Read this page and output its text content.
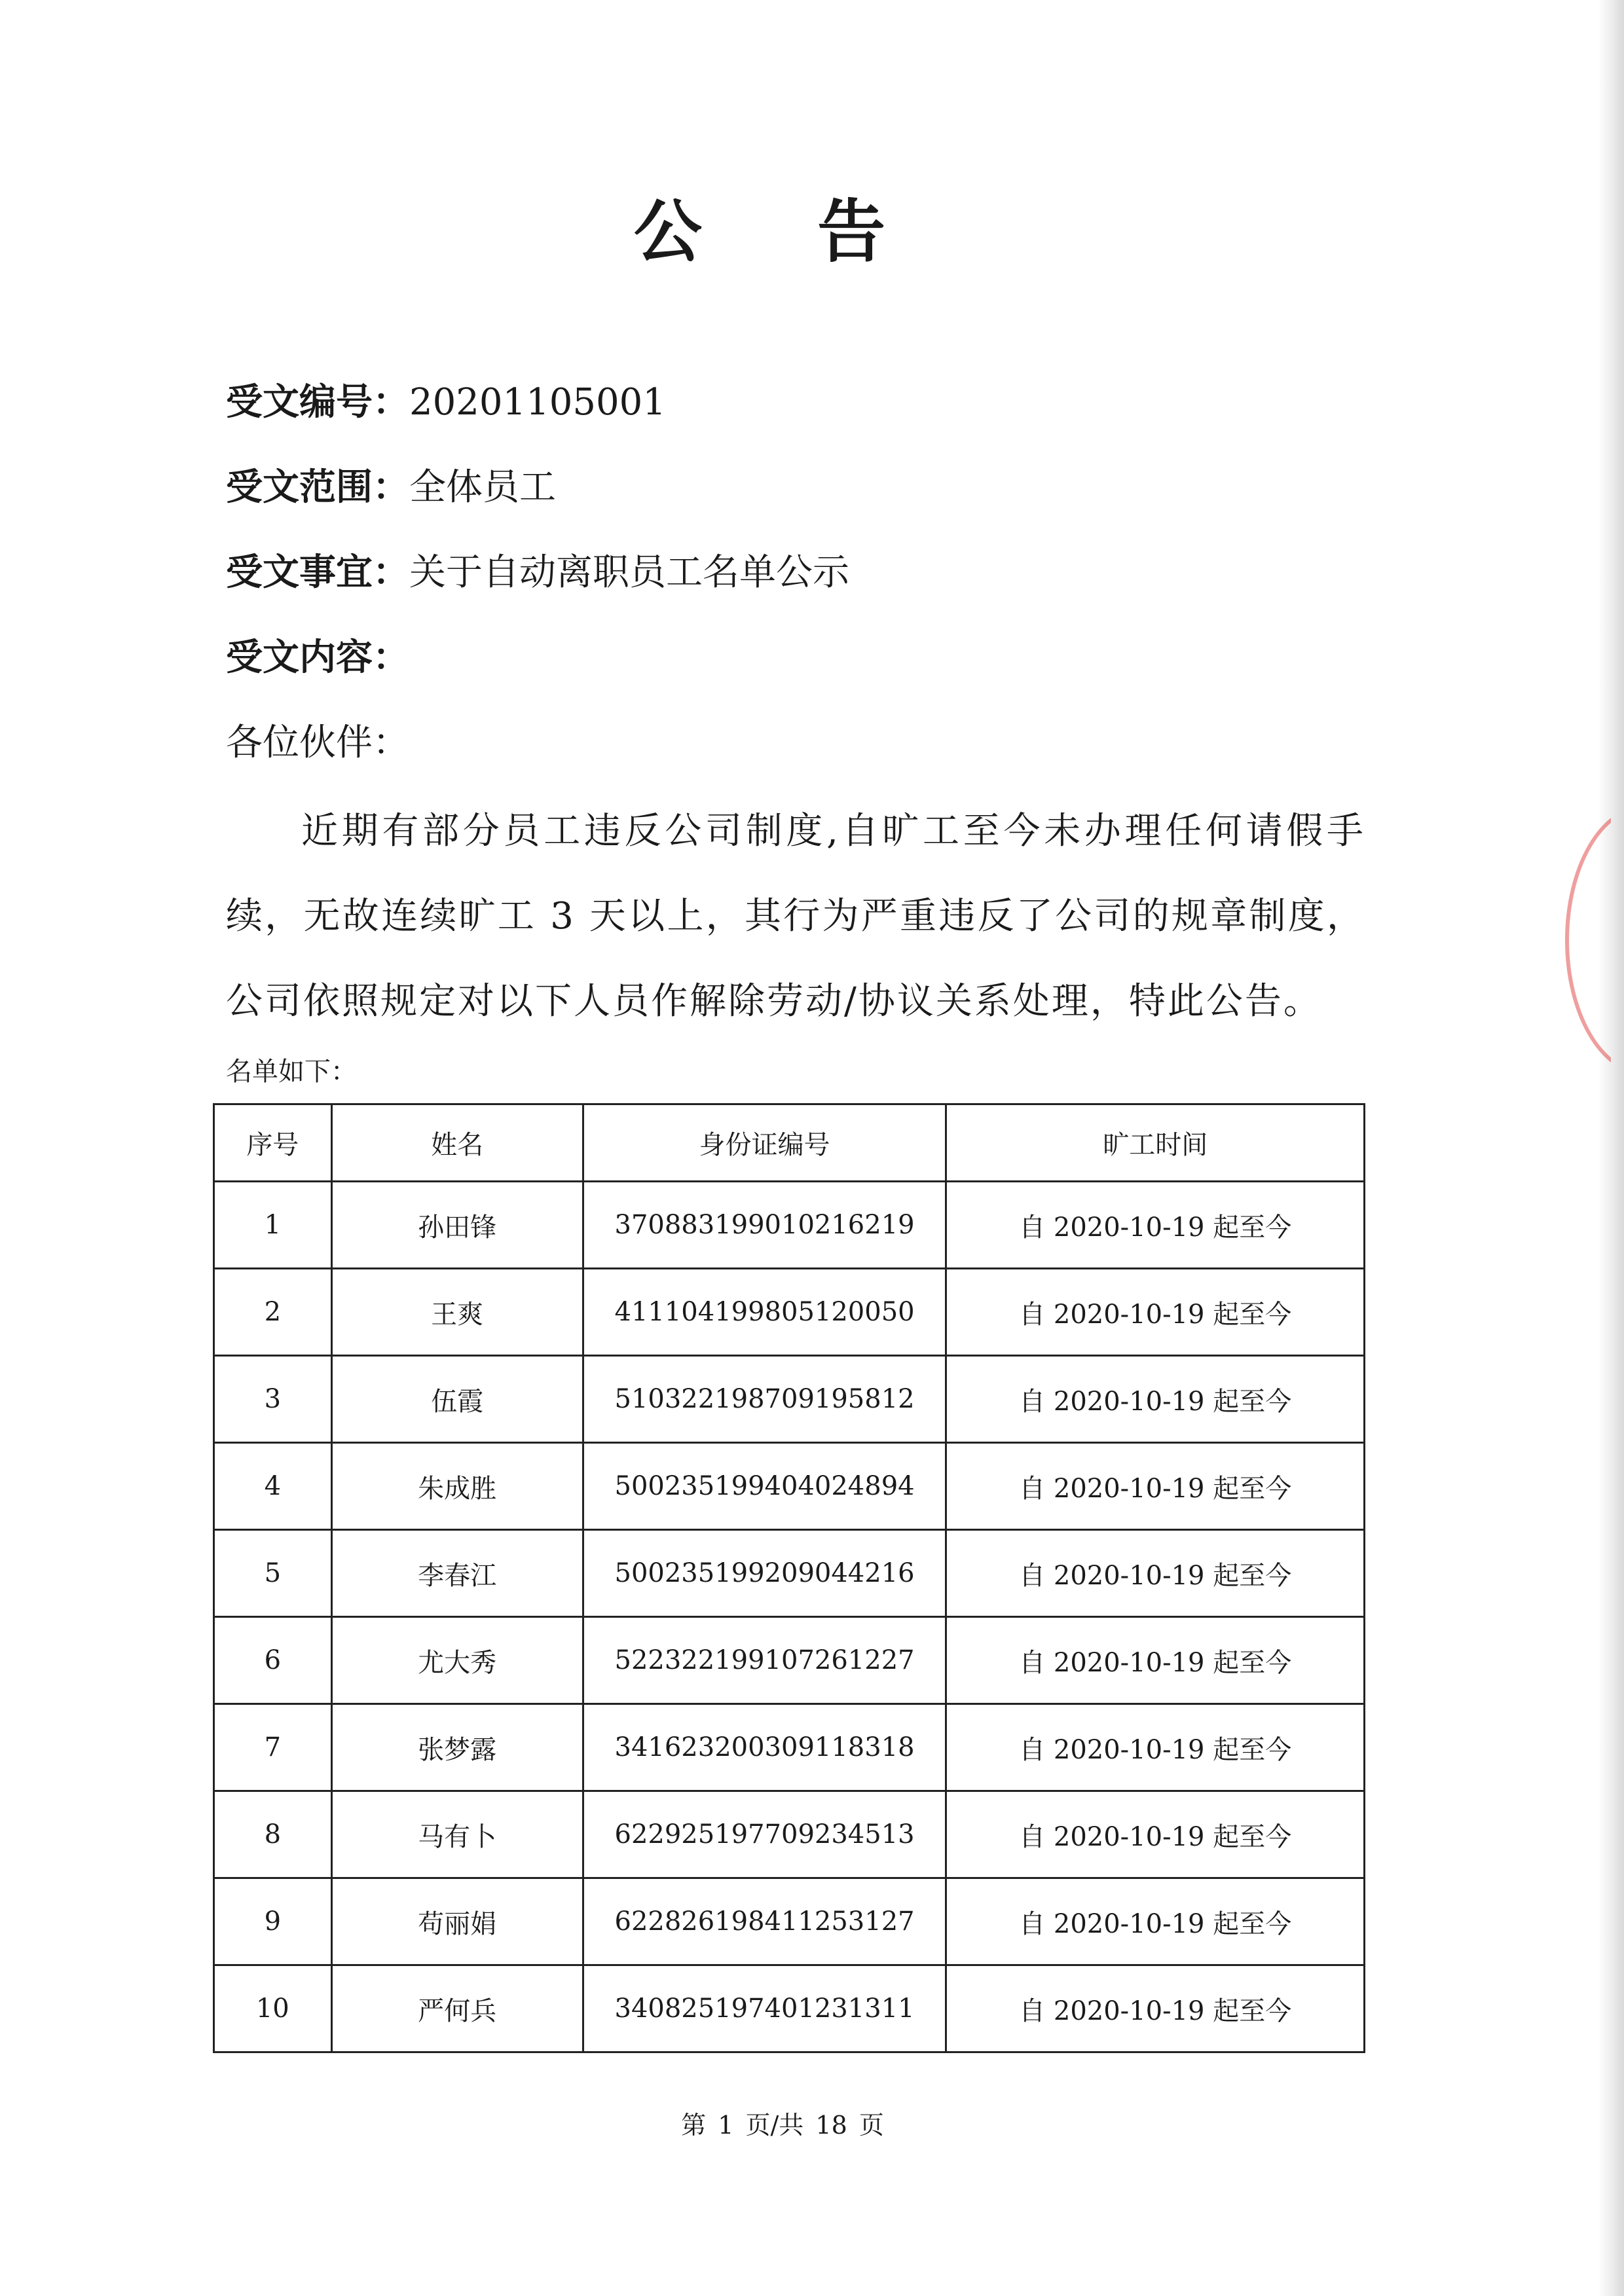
公 告
受文编号：20201105001
受文范围：全体员工
受文事宜：关于自动离职员工名单公示
受文内容：
各位伙伴：
近期有部分员工违反公司制度,自旷工至今未办理任何请假手续，无故连续旷工 3 天以上，其行为严重违反了公司的规章制度，公司依照规定对以下人员作解除劳动/协议关系处理，特此公告。
名单如下：
序号	姓名	身份证编号	旷工时间
1	孙田锋	370883199010216219	自 2020-10-19 起至今
2	王爽	411104199805120050	自 2020-10-19 起至今
3	伍霞	510322198709195812	自 2020-10-19 起至今
4	朱成胜	500235199404024894	自 2020-10-19 起至今
5	李春江	500235199209044216	自 2020-10-19 起至今
6	尤大秀	522322199107261227	自 2020-10-19 起至今
7	张梦露	341623200309118318	自 2020-10-19 起至今
8	马有卜	622925197709234513	自 2020-10-19 起至今
9	苟丽娟	622826198411253127	自 2020-10-19 起至今
10	严何兵	340825197401231311	自 2020-10-19 起至今
第 1 页/共 18 页
